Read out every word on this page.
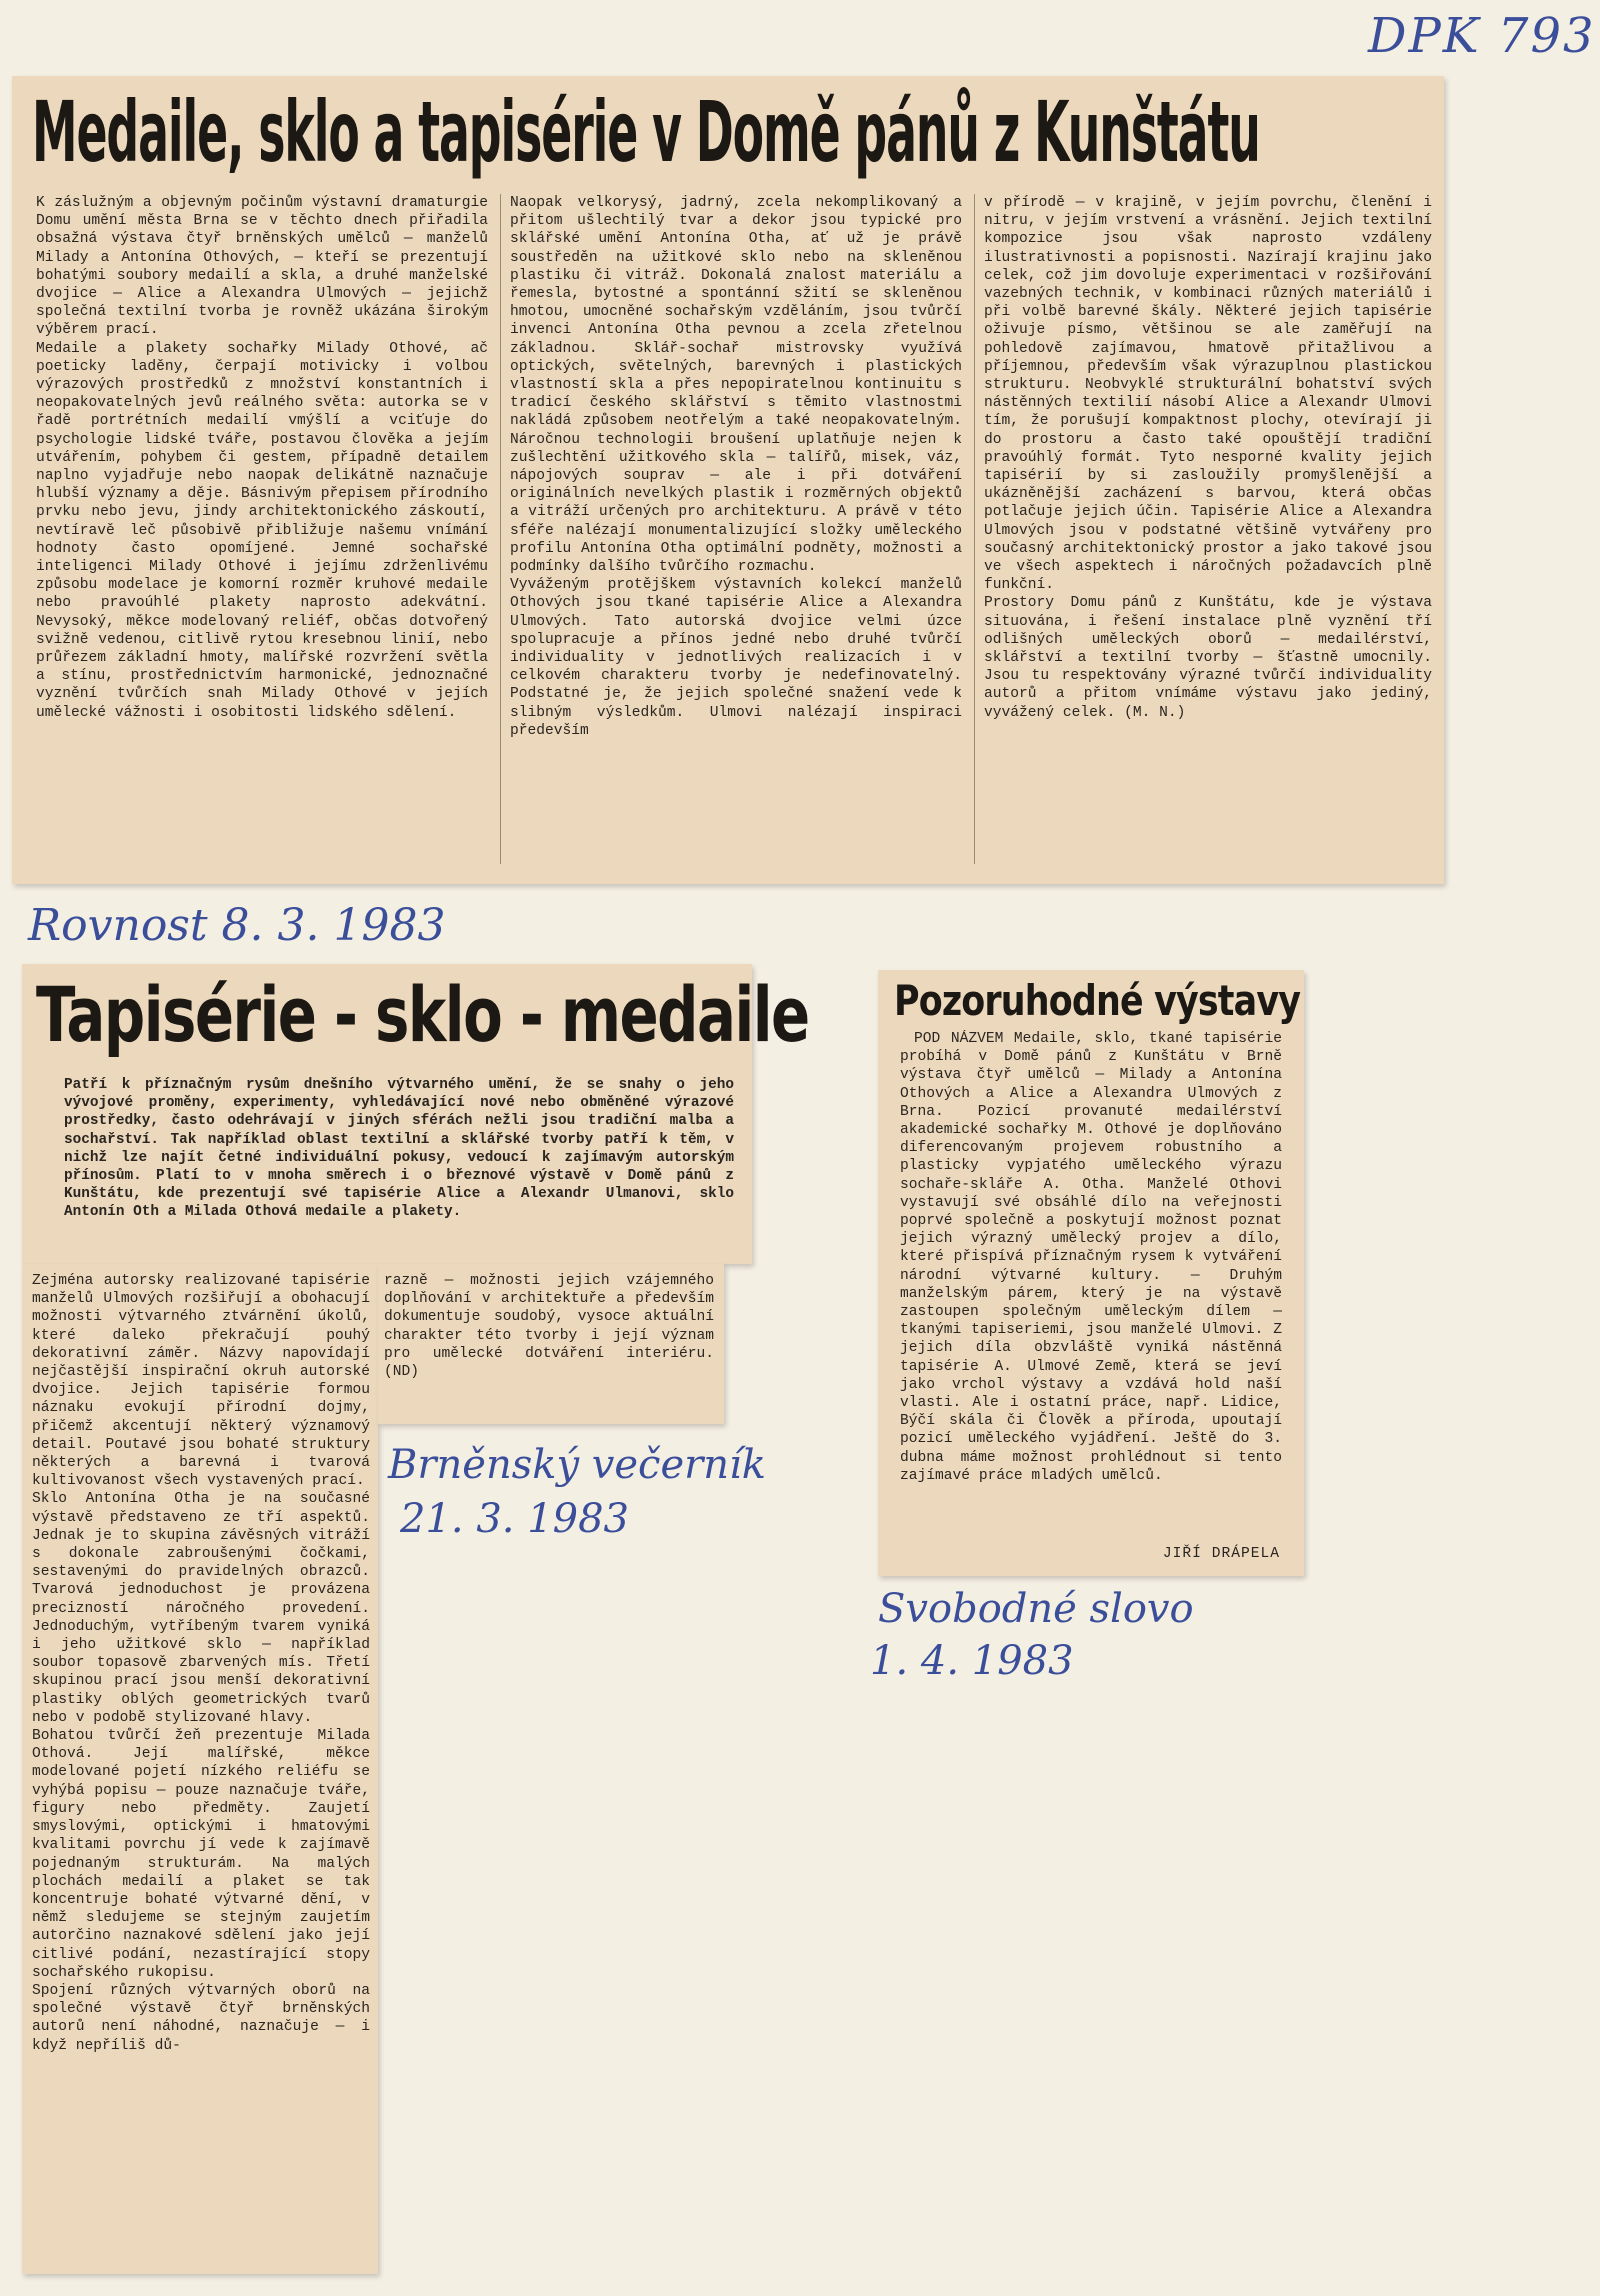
DPK 793
Medaile, sklo a tapisérie v Domě pánů z Kunštátu

K záslužným a objevným počinům výstavní dramaturgie Domu umění města Brna se v těchto dnech přiřadila obsažná výstava čtyř brněnských umělců — manželů Milady a Antonína Othových, — kteří se prezentují bohatými soubory medailí a skla, a druhé manželské dvojice — Alice a Alexandra Ulmových — jejichž společná textilní tvorba je rovněž ukázána širokým výběrem prací.
Medaile a plakety sochařky Milady Othové, ač poeticky laděny, čerpají motivicky i volbou výrazových prostředků z množství konstantních i neopakovatelných jevů reálného světa: autorka se v řadě portrétních medailí vmýšlí a vciťuje do psychologie lidské tváře, postavou člověka a jejím utvářením, pohybem či gestem, případně detailem naplno vyjadřuje nebo naopak delikátně naznačuje hlubší významy a děje. Básnivým přepisem přírodního prvku nebo jevu, jindy architektonického záskoutí, nevtíravě leč působivě přibližuje našemu vnímání hodnoty často opomíjené. Jemné sochařské inteligenci Milady Othové i jejímu zdrženlivému způsobu modelace je komorní rozměr kruhové medaile nebo pravoúhlé plakety naprosto adekvátní. Nevysoký, měkce modelovaný reliéf, občas dotvořený svižně vedenou, citlivě rytou kresebnou linií, nebo průřezem základní hmoty, malířské rozvržení světla a stínu, prostřednictvím harmonické, jednoznačné vyznění tvůrčích snah Milady Othové v jejích umělecké vážnosti i osobitosti lidského sdělení.

Naopak velkorysý, jadrný, zcela nekomplikovaný a přitom ušlechtilý tvar a dekor jsou typické pro sklářské umění Antonína Otha, ať už je právě soustředěn na užitkové sklo nebo na skleněnou plastiku či vitráž. Dokonalá znalost materiálu a řemesla, bytostné a spontánní sžití se skleněnou hmotou, umocněné sochařským vzděláním, jsou tvůrčí invenci Antonína Otha pevnou a zcela zřetelnou základnou. Sklář-sochař mistrovsky využívá optických, světelných, barevných i plastických vlastností skla a přes nepopiratelnou kontinuitu s tradicí českého sklářství s těmito vlastnostmi nakládá způsobem neotřelým a také neopakovatelným. Náročnou technologii broušení uplatňuje nejen k zušlechtění užitkového skla — talířů, misek, váz, nápojových souprav — ale i při dotváření originálních nevelkých plastik i rozměrných objektů a vitráží určených pro architekturu. A právě v této sféře nalézají monumentalizující složky uměleckého profilu Antonína Otha optimální podněty, možnosti a podmínky dalšího tvůrčího rozmachu.
Vyváženým protějškem výstavních kolekcí manželů Othových jsou tkané tapisérie Alice a Alexandra Ulmových. Tato autorská dvojice velmi úzce spolupracuje a přínos jedné nebo druhé tvůrčí individuality v jednotlivých realizacích i v celkovém charakteru tvorby je nedefinovatelný. Podstatné je, že jejich společné snažení vede k slibným výsledkům. Ulmovi nalézají inspiraci především

v přírodě — v krajině, v jejím povrchu, členění i nitru, v jejím vrstvení a vrásnění. Jejich textilní kompozice jsou však naprosto vzdáleny ilustrativnosti a popisnosti. Nazírají krajinu jako celek, což jim dovoluje experimentaci v rozšiřování vazebných technik, v kombinaci různých materiálů i při volbě barevné škály. Některé jejich tapisérie oživuje písmo, většinou se ale zaměřují na pohledově zajímavou, hmatově přitažlivou a příjemnou, především však výrazuplnou plastickou strukturu. Neobvyklé strukturální bohatství svých nástěnných textilií násobí Alice a Alexandr Ulmovi tím, že porušují kompaktnost plochy, otevírají ji do prostoru a často také opouštějí tradiční pravoúhlý formát. Tyto nesporné kvality jejich tapisérií by si zasloužily promyšlenější a ukázněnější zacházení s barvou, která občas potlačuje jejich účin. Tapisérie Alice a Alexandra Ulmových jsou v podstatné většině vytvářeny pro současný architektonický prostor a jako takové jsou ve všech aspektech i náročných požadavcích plně funkční.
Prostory Domu pánů z Kunštátu, kde je výstava situována, i řešení instalace plně vyznění tří odlišných uměleckých oborů — medailérství, sklářství a textilní tvorby — šťastně umocnily. Jsou tu respektovány výrazné tvůrčí individuality autorů a přitom vnímáme výstavu jako jediný, vyvážený celek. (M. N.)

Rovnost 8. 3. 1983
Tapisérie - sklo - medaile

Patří k příznačným rysům dnešního výtvarného umění, že se snahy o jeho vývojové proměny, experimenty, vyhledávající nové nebo obměněné výrazové prostředky, často odehrávají v jiných sférách nežli jsou tradiční malba a sochařství. Tak například oblast textilní a sklářské tvorby patří k těm, v nichž lze najít četné individuální pokusy, vedoucí k zajímavým autorským přínosům. Platí to v mnoha směrech i o březnové výstavě v Domě pánů z Kunštátu, kde prezentují své tapisérie Alice a Alexandr Ulmanovi, sklo Antonín Oth a Milada Othová medaile a plakety.

Zejména autorsky realizované tapisérie manželů Ulmových rozšiřují a obohacují možnosti výtvarného ztvárnění úkolů, které daleko překračují pouhý dekorativní záměr. Názvy napovídají nejčastější inspirační okruh autorské dvojice. Jejich tapisérie formou náznaku evokují přírodní dojmy, přičemž akcentují některý významový detail. Poutavé jsou bohaté struktury některých a barevná i tvarová kultivovanost všech vystavených prací.
Sklo Antonína Otha je na současné výstavě představeno ze tří aspektů. Jednak je to skupina závěsných vitráží s dokonale zabroušenými čočkami, sestavenými do pravidelných obrazců. Tvarová jednoduchost je provázena precizností náročného provedení. Jednoduchým, vytříbeným tvarem vyniká i jeho užitkové sklo — například soubor topasově zbarvených mís. Třetí skupinou prací jsou menší dekorativní plastiky oblých geometrických tvarů nebo v podobě stylizované hlavy.
Bohatou tvůrčí žeň prezentuje Milada Othová. Její malířské, měkce modelované pojetí nízkého reliéfu se vyhýbá popisu — pouze naznačuje tváře, figury nebo předměty. Zaujetí smyslovými, optickými i hmatovými kvalitami povrchu jí vede k zajímavě pojednaným strukturám. Na malých plochách medailí a plaket se tak koncentruje bohaté výtvarné dění, v němž sledujeme se stejným zaujetím autorčino naznakové sdělení jako její citlivé podání, nezastírající stopy sochařského rukopisu.
Spojení různých výtvarných oborů na společné výstavě čtyř brněnských autorů není náhodné, naznačuje — i když nepříliš dů-

razně — možnosti jejich vzájemného doplňování v architektuře a především dokumentuje soudobý, vysoce aktuální charakter této tvorby i její význam pro umělecké dotváření interiéru. (ND)

Brněnský večerník
21. 3. 1983
Pozoruhodné výstavy

POD NÁZVEM Medaile, sklo, tkané tapisérie probíhá v Domě pánů z Kunštátu v Brně výstava čtyř umělců — Milady a Antonína Othových a Alice a Alexandra Ulmových z Brna. Pozicí provanuté medailérství akademické sochařky M. Othové je doplňováno diferencovaným projevem robustního a plasticky vypjatého uměleckého výrazu sochaře-skláře A. Otha. Manželé Othovi vystavují své obsáhlé dílo na veřejnosti poprvé společně a poskytují možnost poznat jejich výrazný umělecký projev a dílo, které přispívá příznačným rysem k vytváření národní výtvarné kultury. — Druhým manželským párem, který je na výstavě zastoupen společným uměleckým dílem — tkanými tapiseriemi, jsou manželé Ulmovi. Z jejich díla obzvláště vyniká nástěnná tapisérie A. Ulmové Země, která se jeví jako vrchol výstavy a vzdává hold naší vlasti. Ale i ostatní práce, např. Lidice, Býčí skála či Člověk a příroda, upoutají pozicí uměleckého vyjádření. Ještě do 3. dubna máme možnost prohlédnout si tento zajímavé práce mladých umělců.

JIŘÍ DRÁPELA
Svobodné slovo
1. 4. 1983
